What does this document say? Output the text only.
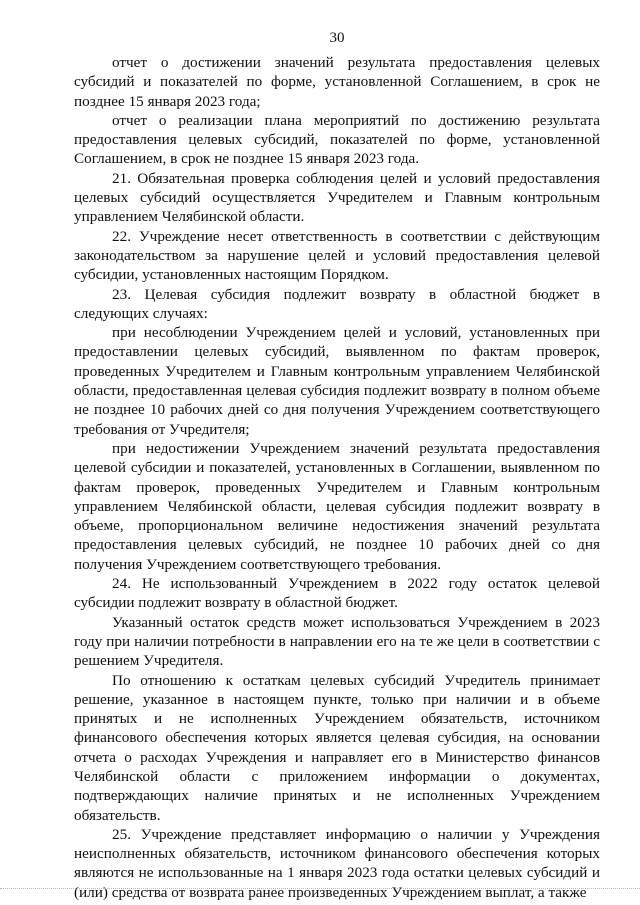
30

отчет о достижении значений результата предоставления целевых субсидий и показателей по форме, установленной Соглашением, в срок не позднее 15 января 2023 года;

отчет о реализации плана мероприятий по достижению результата предоставления целевых субсидий, показателей по форме, установленной Соглашением, в срок не позднее 15 января 2023 года.

21. Обязательная проверка соблюдения целей и условий предоставления целевых субсидий осуществляется Учредителем и Главным контрольным управлением Челябинской области.

22. Учреждение несет ответственность в соответствии с действующим законодательством за нарушение целей и условий предоставления целевой субсидии, установленных настоящим Порядком.

23. Целевая субсидия подлежит возврату в областной бюджет в следующих случаях:

при несоблюдении Учреждением целей и условий, установленных при предоставлении целевых субсидий, выявленном по фактам проверок, проведенных Учредителем и Главным контрольным управлением Челябинской области, предоставленная целевая субсидия подлежит возврату в полном объеме не позднее 10 рабочих дней со дня получения Учреждением соответствующего требования от Учредителя;

при недостижении Учреждением значений результата предоставления целевой субсидии и показателей, установленных в Соглашении, выявленном по фактам проверок, проведенных Учредителем и Главным контрольным управлением Челябинской области, целевая субсидия подлежит возврату в объеме, пропорциональном величине недостижения значений результата предоставления целевых субсидий, не позднее 10 рабочих дней со дня получения Учреждением соответствующего требования.

24. Не использованный Учреждением в 2022 году остаток целевой субсидии подлежит возврату в областной бюджет.

Указанный остаток средств может использоваться Учреждением в 2023 году при наличии потребности в направлении его на те же цели в соответствии с решением Учредителя.

По отношению к остаткам целевых субсидий Учредитель принимает решение, указанное в настоящем пункте, только при наличии и в объеме принятых и не исполненных Учреждением обязательств, источником финансового обеспечения которых является целевая субсидия, на основании отчета о расходах Учреждения и направляет его в Министерство финансов Челябинской области с приложением информации о документах, подтверждающих наличие принятых и не исполненных Учреждением обязательств.

25. Учреждение представляет информацию о наличии у Учреждения неисполненных обязательств, источником финансового обеспечения которых являются не использованные на 1 января 2023 года остатки целевых субсидий и (или) средства от возврата ранее произведенных Учреждением выплат, а также
